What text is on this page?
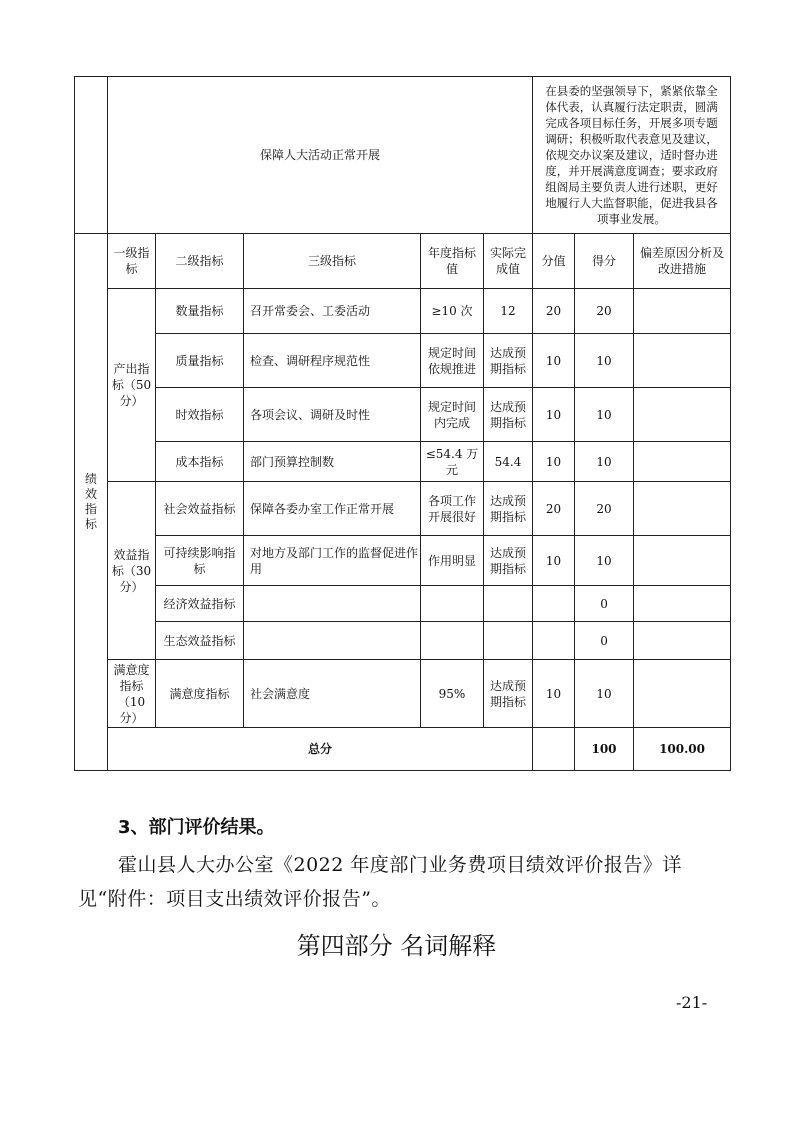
	保障人大活动正常开展					在县委的坚强领导下，紧紧依靠全体代表，认真履行法定职责，圆满完成各项目标任务，开展多项专题调研；积极听取代表意见及建议，依规交办议案及建议，适时督办进度，并开展满意度调查；要求政府组阁局主要负责人进行述职，更好地履行人大监督职能，促进我县各项事业发展。			
绩效指标	一级指标	二级指标	三级指标	年度指标值	实际完成值	分值	得分	偏差原因分析及改进措施	
	产出指标（50分）	数量指标	召开常委会、工委活动	≥10 次	12	20	20		
		质量指标	检查、调研程序规范性	规定时间依规推进	达成预期指标	10	10		
		时效指标	各项会议、调研及时性	规定时间内完成	达成预期指标	10	10		
		成本指标	部门预算控制数	≤54.4 万元	54.4	10	10		
	效益指标（30分）	社会效益指标	保障各委办室工作正常开展	各项工作开展很好	达成预期指标	20	20		
		可持续影响指标	对地方及部门工作的监督促进作用	作用明显	达成预期指标	10	10		
		经济效益指标					0		
		生态效益指标					0		
	满意度指标（10分）	满意度指标	社会满意度	95%	达成预期指标	10	10		
	总分						100	100.00	
3、部门评价结果。
霍山县人大办公室《2022 年度部门业务费项目绩效评价报告》详
见“附件：项目支出绩效评价报告”。
第四部分 名词解释
-21-
